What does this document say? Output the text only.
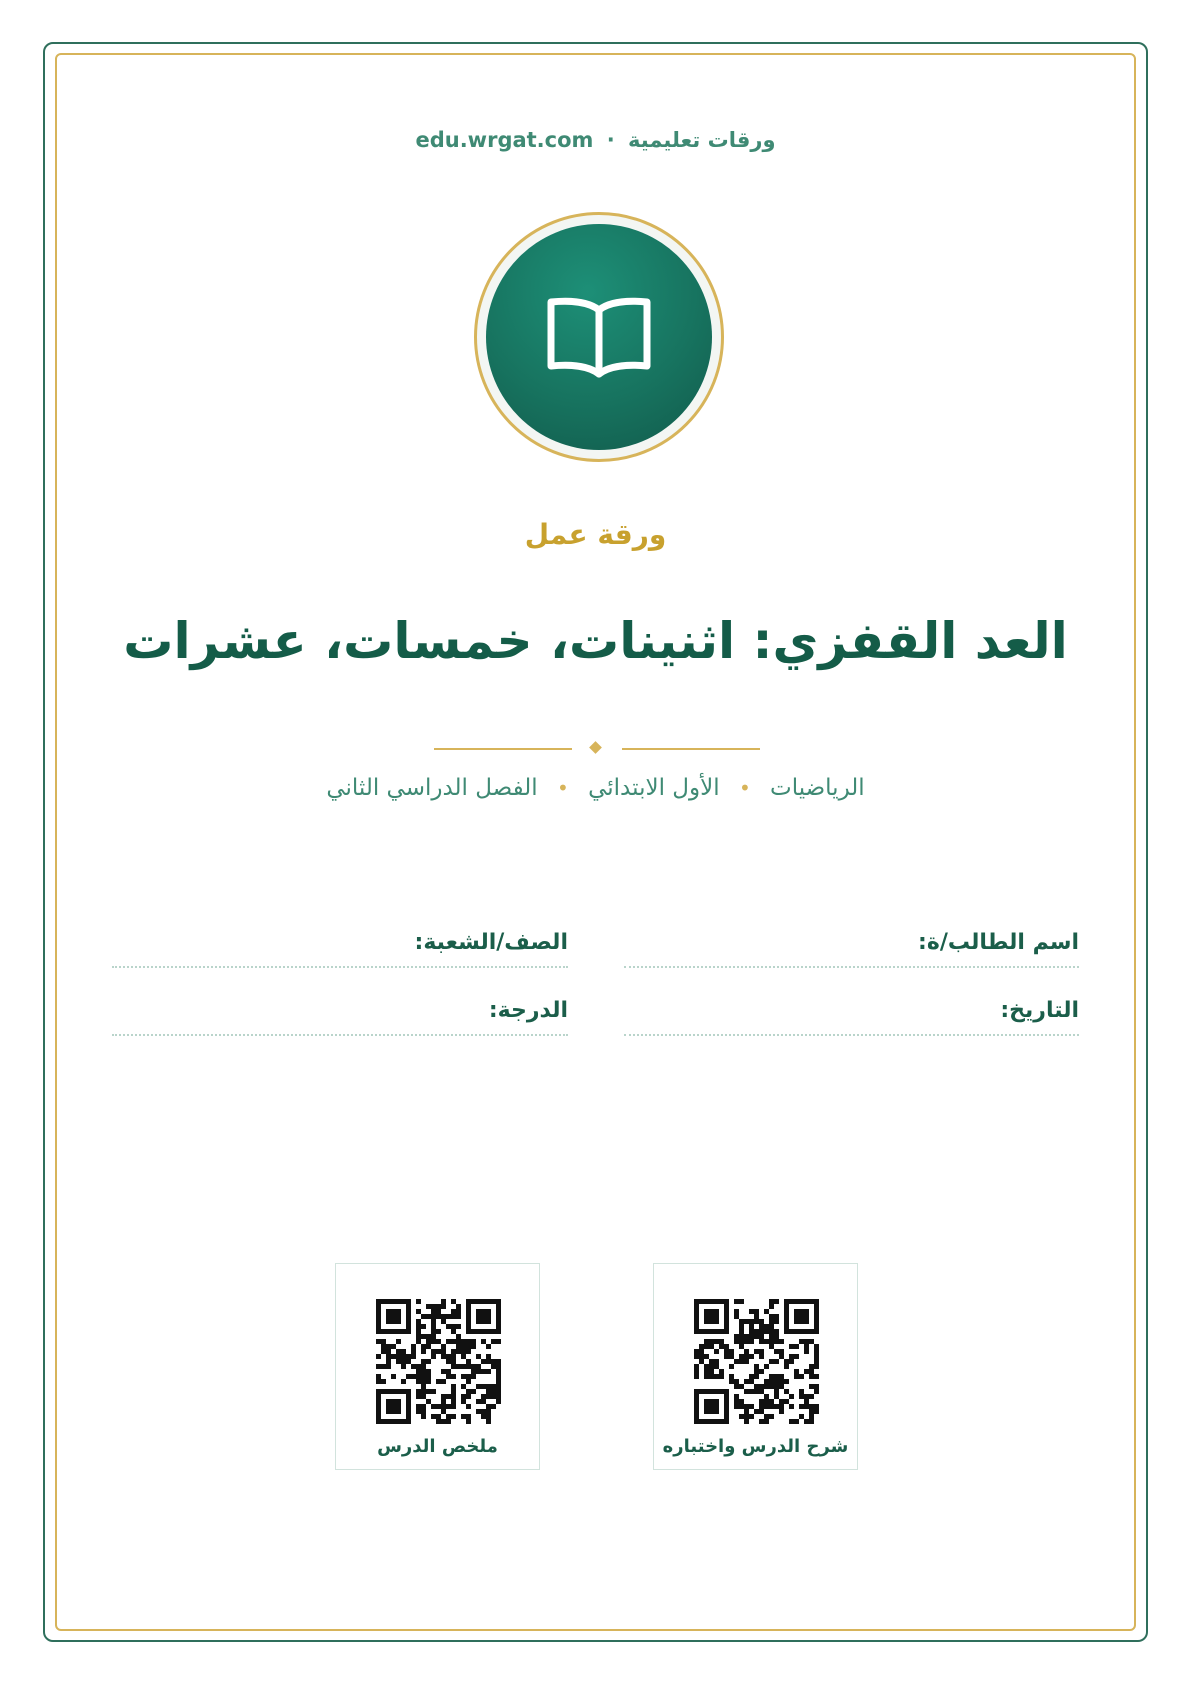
ورقات تعليمية · edu.wrgat.com
ورقة عمل
العد القفزي: اثنينات، خمسات، عشرات
الرياضيات • الأول الابتدائي • الفصل الدراسي الثاني
اسم الطالب/ة:
الصف/الشعبة:
التاريخ:
الدرجة:
ملخص الدرس	شرح الدرس واختباره
